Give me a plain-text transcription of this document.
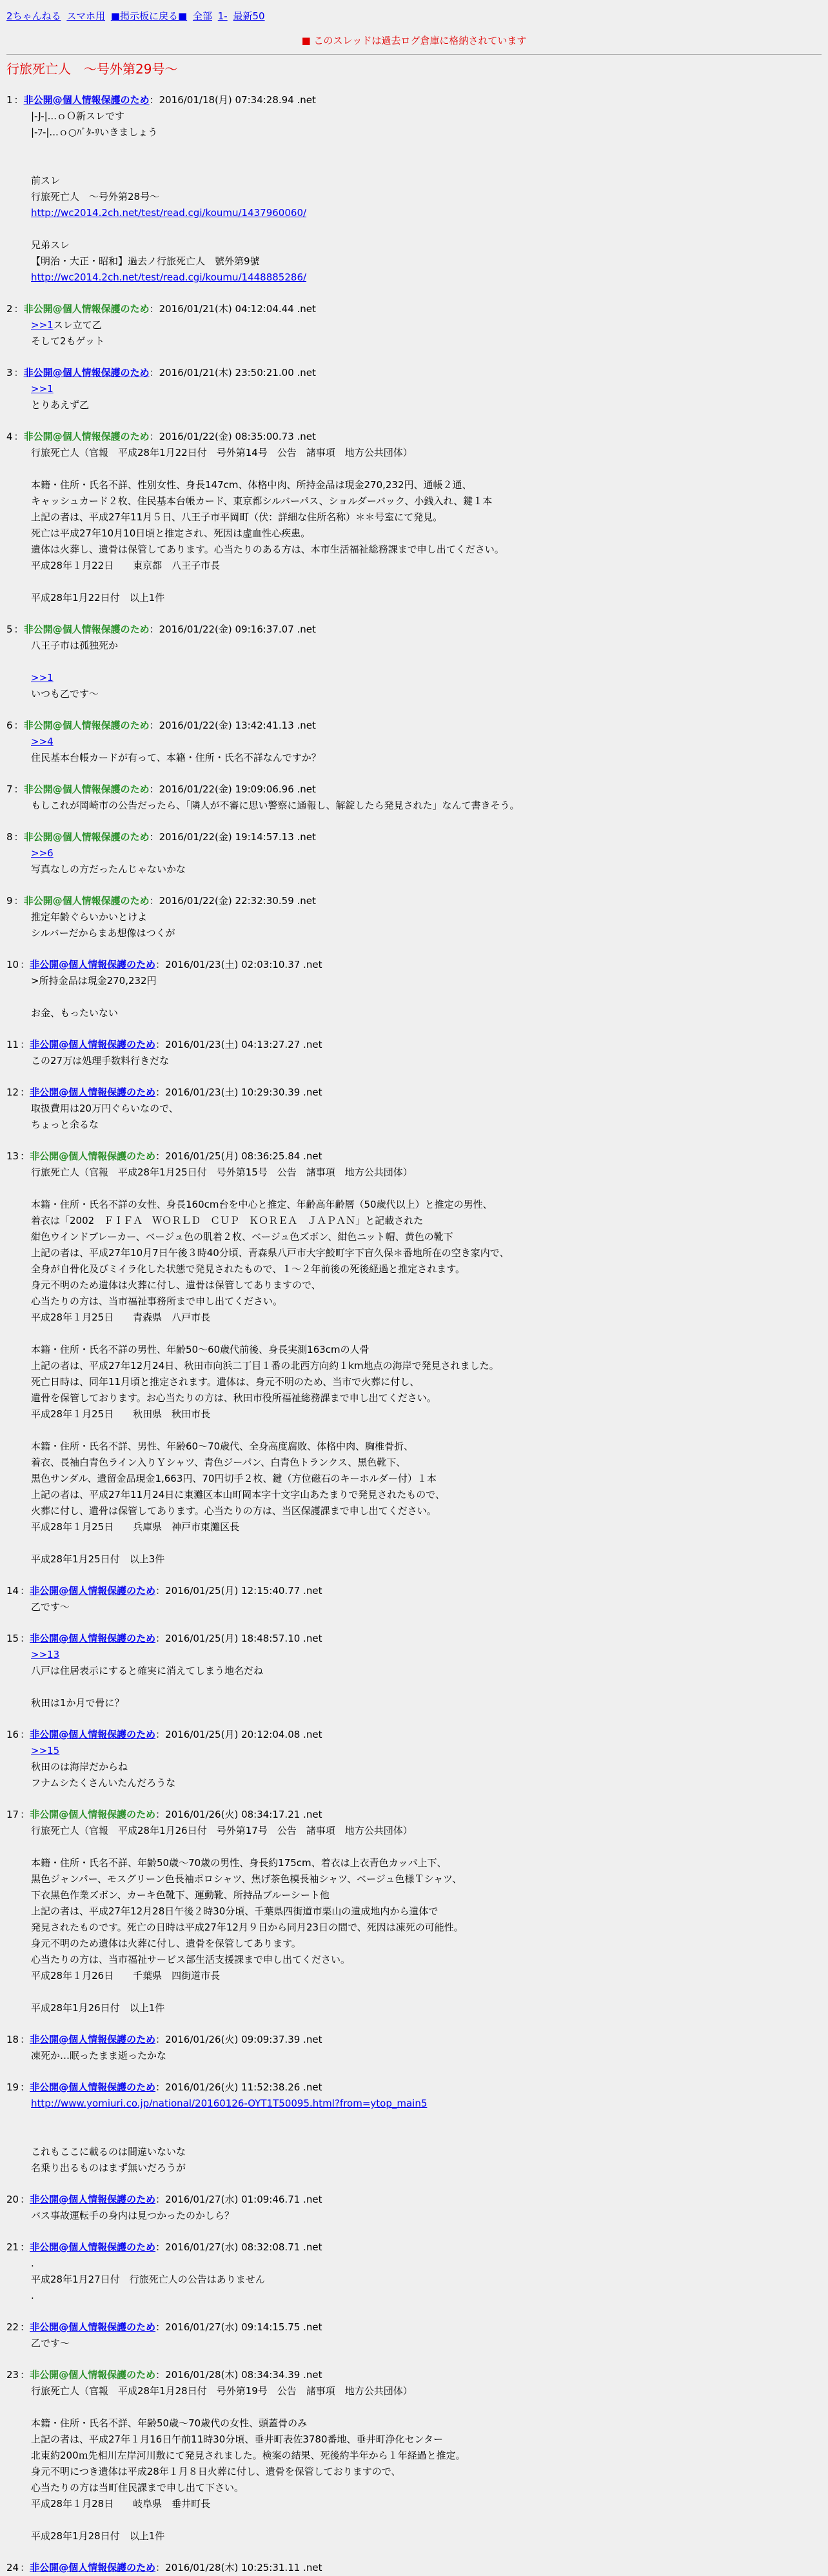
2ちゃんねる スマホ用 ■掲示板に戻る■ 全部 1- 最新50
■ このスレッドは過去ログ倉庫に格納されています
行旅死亡人　〜号外第29号〜
1 ：非公開@個人情報保護のため：2016/01/18(月) 07:34:28.94 .net
|-J-|...ｏＯ新スレです
|-ﾌ-|...ｏ○ﾊﾞﾀ-ﾘいきましょう
前スレ
行旅死亡人　〜号外第28号〜
http://wc2014.2ch.net/test/read.cgi/koumu/1437960060/
兄弟スレ
【明治・大正・昭和】過去ノ行旅死亡人　號外第9號
http://wc2014.2ch.net/test/read.cgi/koumu/1448885286/
2 ：非公開@個人情報保護のため：2016/01/21(木) 04:12:04.44 .net
>>1スレ立て乙
そして2もゲット
3 ：非公開@個人情報保護のため：2016/01/21(木) 23:50:21.00 .net
>>1
とりあえず乙
4 ：非公開@個人情報保護のため：2016/01/22(金) 08:35:00.73 .net
行旅死亡人（官報　平成28年1月22日付　号外第14号　公告　諸事項　地方公共団体）
本籍・住所・氏名不詳、性別女性、身長147cm、体格中肉、所持金品は現金270,232円、通帳２通、
キャッシュカード２枚、住民基本台帳カード、東京都シルバーパス、ショルダーバック、小銭入れ、鍵１本
上記の者は、平成27年11月５日、八王子市平岡町（伏：詳細な住所名称）＊＊号室にて発見。
死亡は平成27年10月10日頃と推定され、死因は虚血性心疾患。
遺体は火葬し、遺骨は保管してあります。心当たりのある方は、本市生活福祉総務課まで申し出てください。
平成28年１月22日　　東京都　八王子市長
平成28年1月22日付　以上1件
5 ：非公開@個人情報保護のため：2016/01/22(金) 09:16:37.07 .net
八王子市は孤独死か
>>1
いつも乙です〜
6 ：非公開@個人情報保護のため：2016/01/22(金) 13:42:41.13 .net
>>4
住民基本台帳カードが有って、本籍・住所・氏名不詳なんですか？
7 ：非公開@個人情報保護のため：2016/01/22(金) 19:09:06.96 .net
もしこれが岡崎市の公告だったら、「隣人が不審に思い警察に通報し、解錠したら発見された」なんて書きそう。
8 ：非公開@個人情報保護のため：2016/01/22(金) 19:14:57.13 .net
>>6
写真なしの方だったんじゃないかな
9 ：非公開@個人情報保護のため：2016/01/22(金) 22:32:30.59 .net
推定年齢ぐらいかいとけよ
シルバーだからまあ想像はつくが
10 ：非公開@個人情報保護のため：2016/01/23(土) 02:03:10.37 .net
>所持金品は現金270,232円
お金、もったいない
11 ：非公開@個人情報保護のため：2016/01/23(土) 04:13:27.27 .net
この27万は処理手数料行きだな
12 ：非公開@個人情報保護のため：2016/01/23(土) 10:29:30.39 .net
取扱費用は20万円ぐらいなので、
ちょっと余るな
13 ：非公開@個人情報保護のため：2016/01/25(月) 08:36:25.84 .net
行旅死亡人（官報　平成28年1月25日付　号外第15号　公告　諸事項　地方公共団体）
本籍・住所・氏名不詳の女性、身長160cm台を中心と推定、年齢高年齢層（50歳代以上）と推定の男性、
着衣は「2002　ＦＩＦＡ　ＷＯＲＬＤ　ＣＵＰ　ＫＯＲＥＡ　ＪＡＰＡＮ」と記載された
紺色ウインドブレーカー、ベージュ色の肌着２枚、ベージュ色ズボン、紺色ニット帽、黄色の靴下
上記の者は、平成27年10月7日午後３時40分頃、青森県八戸市大字鮫町字下盲久保＊番地所在の空き家内で、
全身が自骨化及びミイラ化した状態で発見されたもので、１〜２年前後の死後経過と推定されます。
身元不明のため遺体は火葬に付し、遺骨は保管してありますので、
心当たりの方は、当市福祉事務所まで申し出てください。
平成28年１月25日　　青森県　八戸市長
本籍・住所・氏名不詳の男性、年齢50〜60歳代前後、身長実測163cmの人骨
上記の者は、平成27年12月24日、秋田市向浜二丁目１番の北西方向約１km地点の海岸で発見されました。
死亡日時は、同年11月頃と推定されます。遺体は、身元不明のため、当市で火葬に付し、
遺骨を保管しております。お心当たりの方は、秋田市役所福祉総務課まで申し出てください。
平成28年１月25日　　秋田県　秋田市長
本籍・住所・氏名不詳、男性、年齢60〜70歳代、全身高度腐敗、体格中肉、胸椎骨折、
着衣、長袖白青色ライン入りＹシャツ、青色ジーパン、白青色トランクス、黒色靴下、
黒色サンダル、遺留金品現金1,663円、70円切手２枚、鍵（方位磁石のキーホルダー付）１本
上記の者は、平成27年11月24日に東灘区本山町岡本字十文字山あたまりで発見されたもので、
火葬に付し、遺骨は保管してあります。心当たりの方は、当区保護課まで申し出てください。
平成28年１月25日　　兵庫県　神戸市東灘区長
平成28年1月25日付　以上3件
14 ：非公開@個人情報保護のため：2016/01/25(月) 12:15:40.77 .net
乙です〜
15 ：非公開@個人情報保護のため：2016/01/25(月) 18:48:57.10 .net
>>13
八戸は住居表示にすると確実に消えてしまう地名だね
秋田は1か月で骨に？
16 ：非公開@個人情報保護のため：2016/01/25(月) 20:12:04.08 .net
>>15
秋田のは海岸だからね
フナムシたくさんいたんだろうな
17 ：非公開@個人情報保護のため：2016/01/26(火) 08:34:17.21 .net
行旅死亡人（官報　平成28年1月26日付　号外第17号　公告　諸事項　地方公共団体）
本籍・住所・氏名不詳、年齢50歳〜70歳の男性、身長約175cm、着衣は上衣青色カッパ上下、
黒色ジャンパー、モスグリーン色長袖ポロシャツ、焦げ茶色模長袖シャツ、ベージュ色様Ｔシャツ、
下衣黒色作業ズボン、カーキ色靴下、運動靴、所持品ブルーシート他
上記の者は、平成27年12月28日午後２時30分頃、千葉県四街道市栗山の遺成地内から遺体で
発見されたものです。死亡の日時は平成27年12月９日から同月23日の間で、死因は凍死の可能性。
身元不明のため遺体は火葬に付し、遺骨を保管してあります。
心当たりの方は、当市福祉サービス部生活支援課まで申し出てください。
平成28年１月26日　　千葉県　四街道市長
平成28年1月26日付　以上1件
18 ：非公開@個人情報保護のため：2016/01/26(火) 09:09:37.39 .net
凍死か…眠ったまま逝ったかな
19 ：非公開@個人情報保護のため：2016/01/26(火) 11:52:38.26 .net
http://www.yomiuri.co.jp/national/20160126-OYT1T50095.html?from=ytop_main5
これもここに載るのは間違いないな
名乗り出るものはまず無いだろうが
20 ：非公開@個人情報保護のため：2016/01/27(水) 01:09:46.71 .net
バス事故運転手の身内は見つかったのかしら？
21 ：非公開@個人情報保護のため：2016/01/27(水) 08:32:08.71 .net
.
平成28年1月27日付　行旅死亡人の公告はありません
.
22 ：非公開@個人情報保護のため：2016/01/27(水) 09:14:15.75 .net
乙です〜
23 ：非公開@個人情報保護のため：2016/01/28(木) 08:34:34.39 .net
行旅死亡人（官報　平成28年1月28日付　号外第19号　公告　諸事項　地方公共団体）
本籍・住所・氏名不詳、年齢50歳〜70歳代の女性、頭蓋骨のみ
上記の者は、平成27年１月16日午前11時30分頃、垂井町表佐3780番地、垂井町浄化センター
北東約200ｍ先相川左岸河川敷にて発見されました。検案の結果、死後約半年から１年経過と推定。
身元不明につき遺体は平成28年１月８日火葬に付し、遺骨を保管しておりますので、
心当たりの方は当町住民課まで申し出て下さい。
平成28年１月28日　　岐阜県　垂井町長
平成28年1月28日付　以上1件
24 ：非公開@個人情報保護のため：2016/01/28(木) 10:25:31.11 .net
